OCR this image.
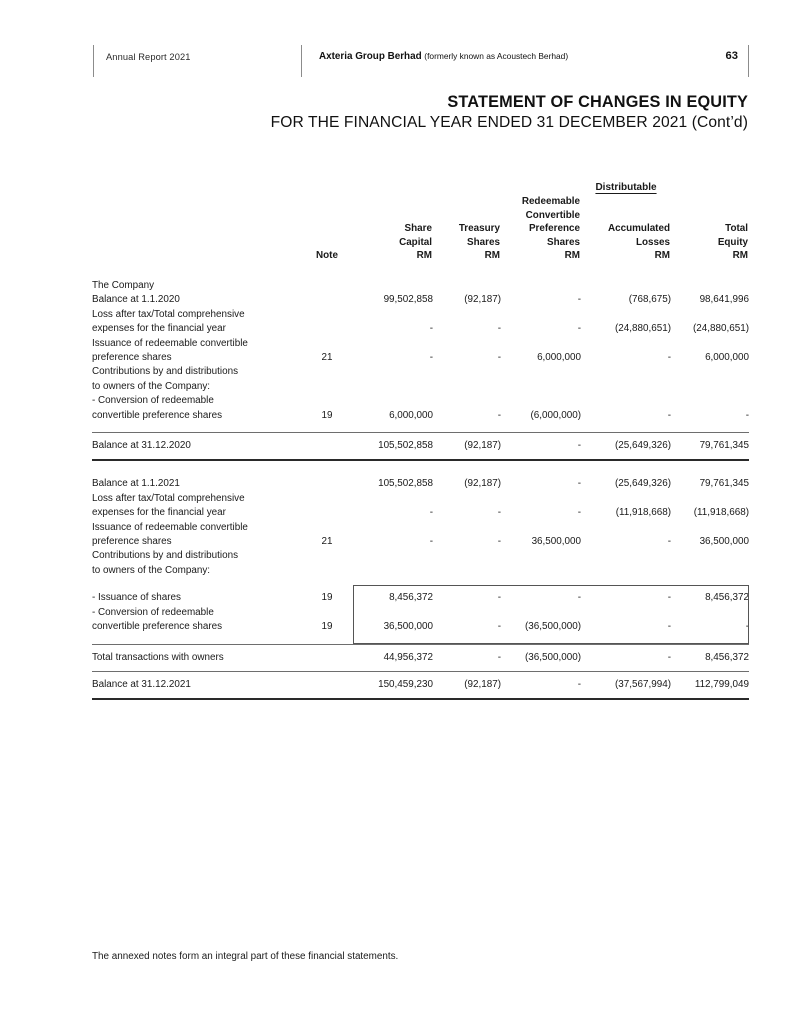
Annual Report 2021	Axteria Group Berhad (formerly known as Acoustech Berhad)	63
STATEMENT OF CHANGES IN EQUITY
FOR THE FINANCIAL YEAR ENDED 31 DECEMBER 2021 (Cont’d)

					Distributable	

	Note	Share
Capital
RM	Treasury
Shares
RM	Redeemable
Convertible
Preference
Shares
RM	Accumulated
Losses
RM	Total
Equity
RM

The Company						
Balance at 1.1.2020		99,502,858	(92,187)	-	(768,675)	98,641,996
Loss after tax/Total comprehensive						
expenses for the financial year		-	-	-	(24,880,651)	(24,880,651)
Issuance of redeemable convertible						
preference shares	21	-	-	6,000,000	-	6,000,000
Contributions by and distributions						
to owners of the Company:						
- Conversion of redeemable						
convertible preference shares	19	6,000,000	-	(6,000,000)	-	-

Balance at 31.12.2020		105,502,858	(92,187)	-	(25,649,326)	79,761,345

Balance at 1.1.2021		105,502,858	(92,187)	-	(25,649,326)	79,761,345
Loss after tax/Total comprehensive						
expenses for the financial year		-	-	-	(11,918,668)	(11,918,668)
Issuance of redeemable convertible						
preference shares	21	-	-	36,500,000	-	36,500,000
Contributions by and distributions						
to owners of the Company:						

- Issuance of shares	19	8,456,372	-	-	-	8,456,372
- Conversion of redeemable						
convertible preference shares	19	36,500,000	-	(36,500,000)	-	-

Total transactions with owners		44,956,372	-	(36,500,000)	-	8,456,372

Balance at 31.12.2021		150,459,230	(92,187)	-	(37,567,994)	112,799,049

The annexed notes form an integral part of these financial statements.
